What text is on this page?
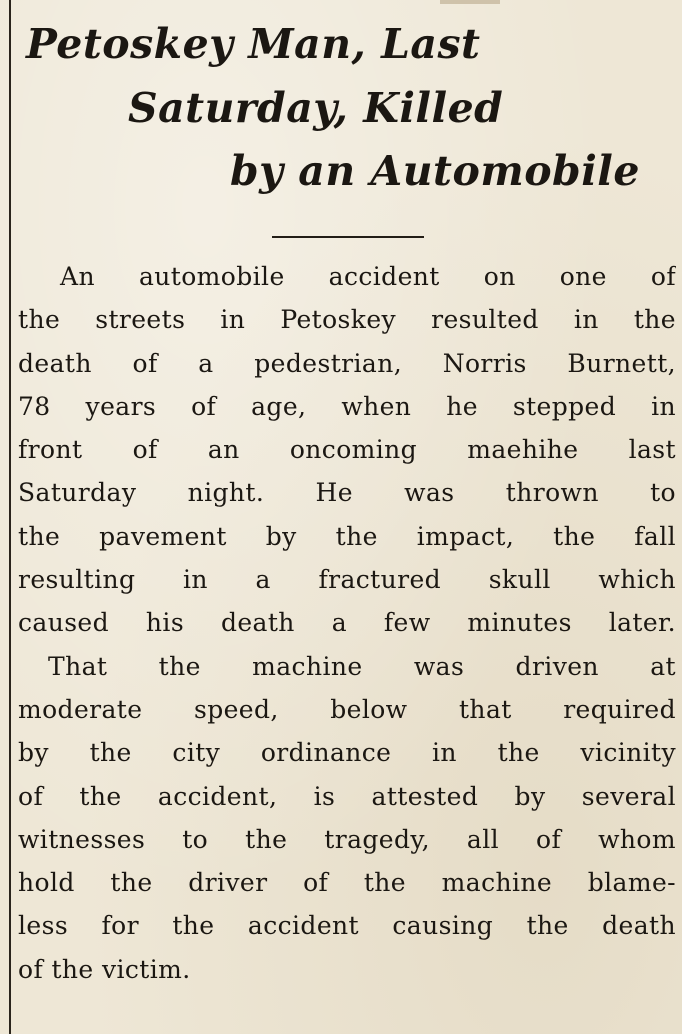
Petoskey Man, Last
Saturday, Killed
by an Automobile
An automobile accident on one of
the streets in Petoskey resulted in the
death of a pedestrian, Norris Burnett,
78 years of age, when he stepped in
front of an oncoming maehihe last
Saturday night. He was thrown to
the pavement by the impact, the fall
resulting in a fractured skull which
caused his death a few minutes later.
That the machine was driven at
moderate speed, below that required
by the city ordinance in the vicinity
of the accident, is attested by several
witnesses to the tragedy, all of whom
hold the driver of the machine blame-
less for the accident causing the death
of the victim.
